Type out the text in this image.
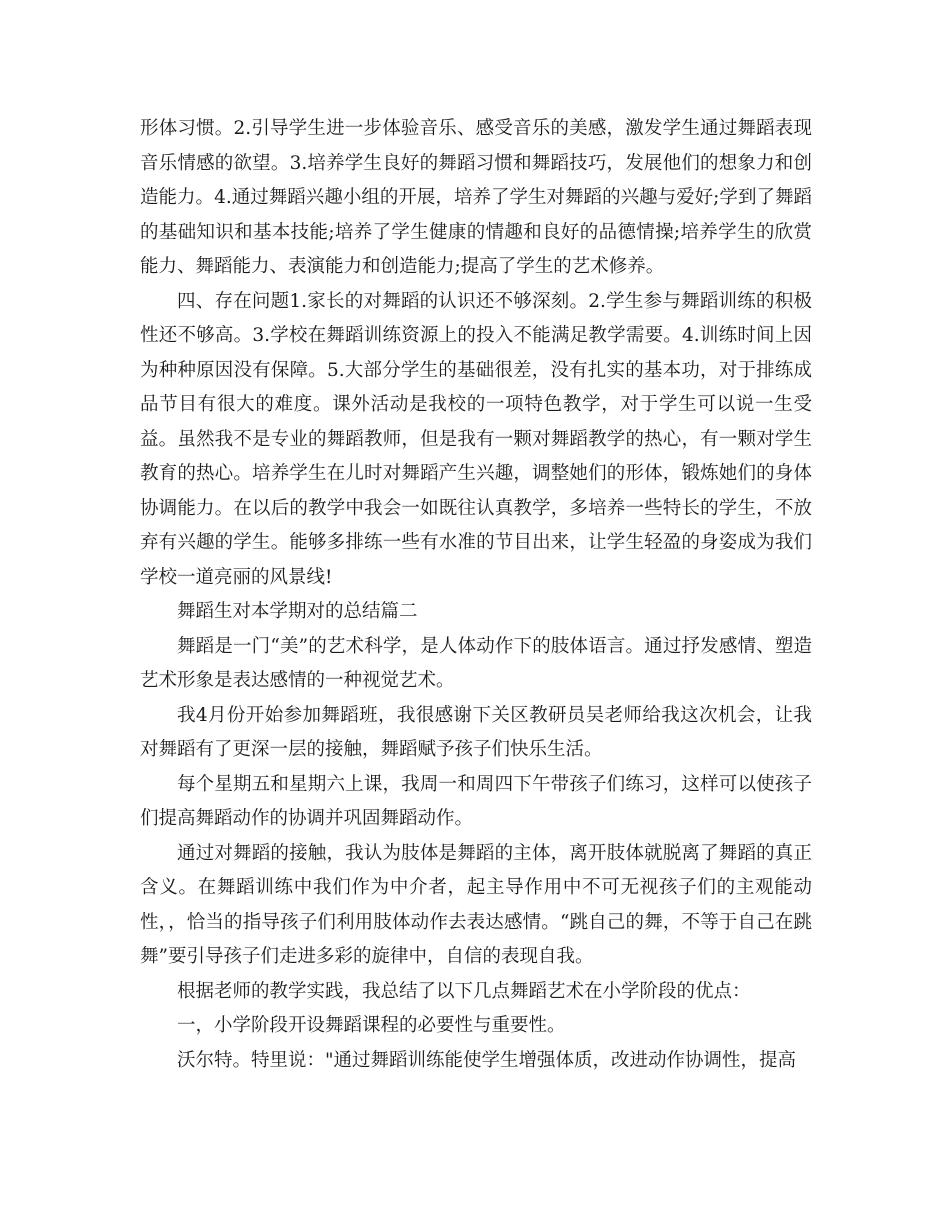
形体习惯。2.引导学生进一步体验音乐、感受音乐的美感，激发学生通过舞蹈表现音乐情感的欲望。3.培养学生良好的舞蹈习惯和舞蹈技巧，发展他们的想象力和创造能力。4.通过舞蹈兴趣小组的开展，培养了学生对舞蹈的兴趣与爱好;学到了舞蹈的基础知识和基本技能;培养了学生健康的情趣和良好的品德情操;培养学生的欣赏能力、舞蹈能力、表演能力和创造能力;提高了学生的艺术修养。

四、存在问题1.家长的对舞蹈的认识还不够深刻。2.学生参与舞蹈训练的积极性还不够高。3.学校在舞蹈训练资源上的投入不能满足教学需要。4.训练时间上因为种种原因没有保障。5.大部分学生的基础很差，没有扎实的基本功，对于排练成品节目有很大的难度。课外活动是我校的一项特色教学，对于学生可以说一生受益。虽然我不是专业的舞蹈教师，但是我有一颗对舞蹈教学的热心，有一颗对学生教育的热心。培养学生在儿时对舞蹈产生兴趣，调整她们的形体，锻炼她们的身体协调能力。在以后的教学中我会一如既往认真教学，多培养一些特长的学生，不放弃有兴趣的学生。能够多排练一些有水准的节目出来，让学生轻盈的身姿成为我们学校一道亮丽的风景线!

舞蹈生对本学期对的总结篇二

舞蹈是一门“美”的艺术科学，是人体动作下的肢体语言。通过抒发感情、塑造艺术形象是表达感情的一种视觉艺术。

我4月份开始参加舞蹈班，我很感谢下关区教研员吴老师给我这次机会，让我对舞蹈有了更深一层的接触，舞蹈赋予孩子们快乐生活。

每个星期五和星期六上课，我周一和周四下午带孩子们练习，这样可以使孩子们提高舞蹈动作的协调并巩固舞蹈动作。

通过对舞蹈的接触，我认为肢体是舞蹈的主体，离开肢体就脱离了舞蹈的真正含义。在舞蹈训练中我们作为中介者，起主导作用中不可无视孩子们的主观能动性，，恰当的指导孩子们利用肢体动作去表达感情。“跳自己的舞，不等于自己在跳舞”要引导孩子们走进多彩的旋律中，自信的表现自我。

根据老师的教学实践，我总结了以下几点舞蹈艺术在小学阶段的优点：

一，小学阶段开设舞蹈课程的必要性与重要性。

沃尔特。特里说："通过舞蹈训练能使学生增强体质，改进动作协调性，提高
